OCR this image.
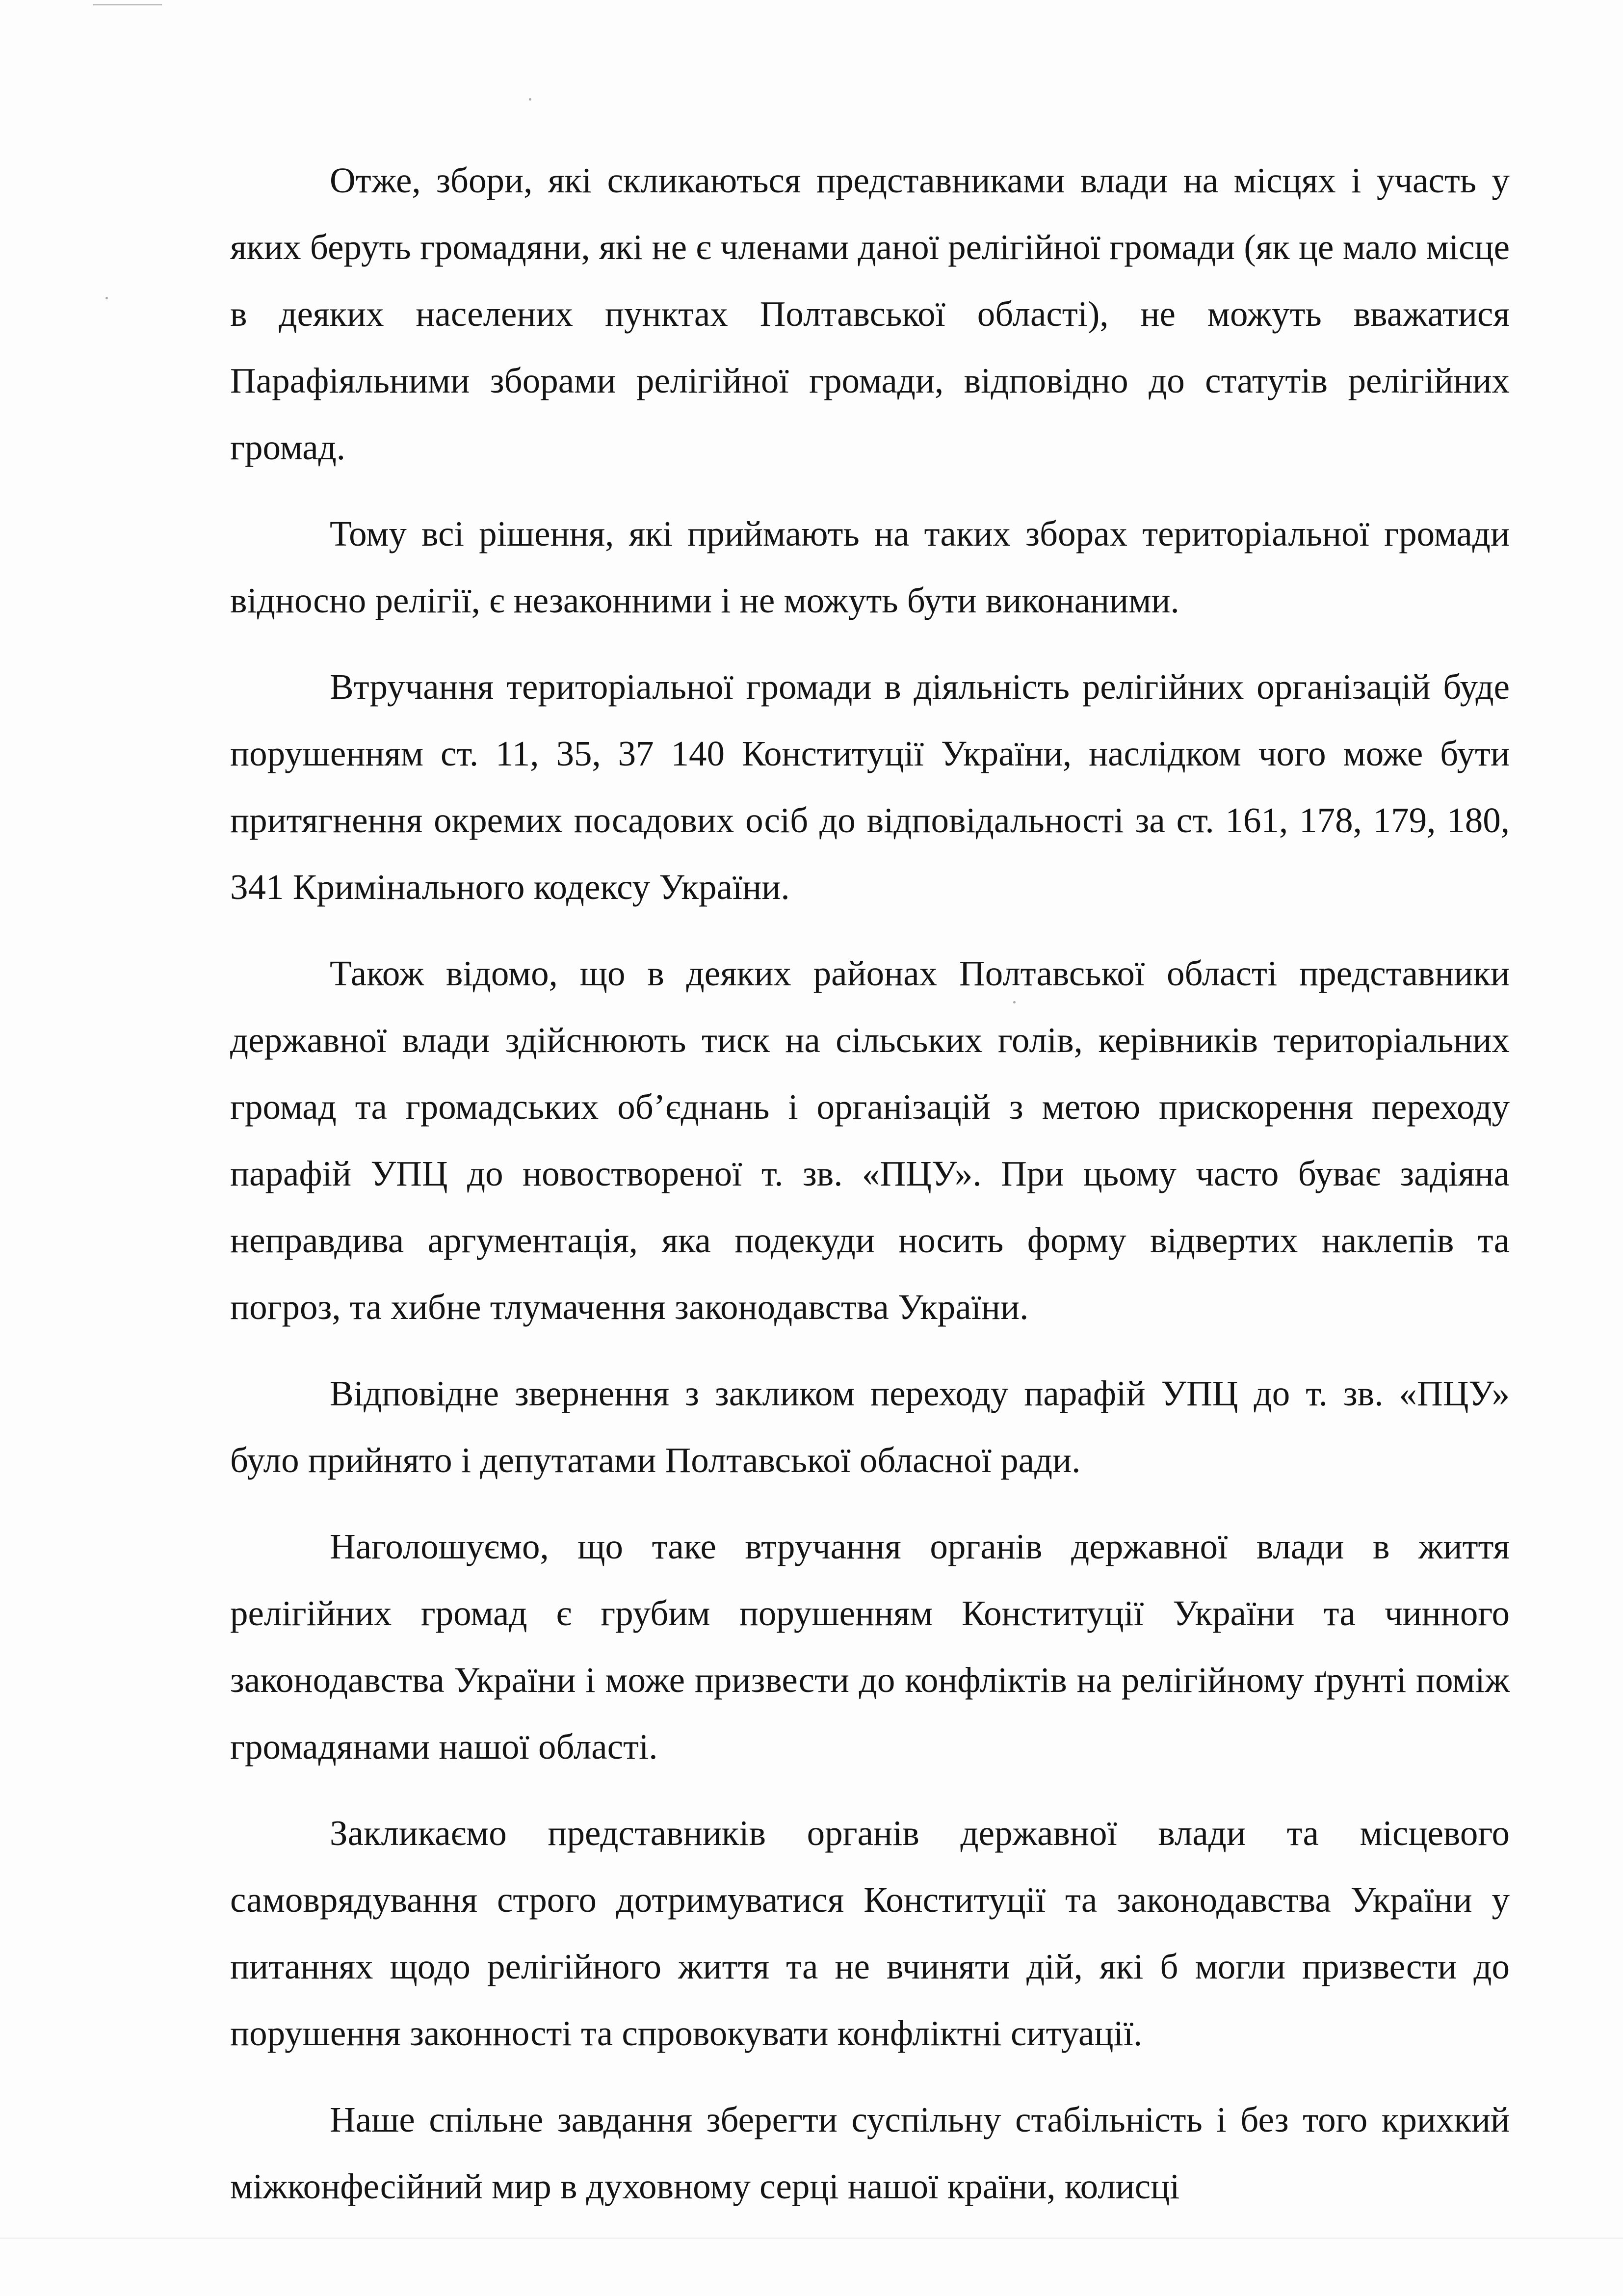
Отже, збори, які скликаються представниками влади на місцях і участь у яких беруть громадяни, які не є членами даної релігійної громади (як це мало місце в деяких населених пунктах Полтавської області), не можуть вважатися Парафіяльними зборами релігійної громади, відповідно до статутів релігійних громад.

Тому всі рішення, які приймають на таких зборах територіальної громади відносно релігії, є незаконними і не можуть бути виконаними.

Втручання територіальної громади в діяльність релігійних організацій буде порушенням ст. 11, 35, 37 140 Конституції України, наслідком чого може бути притягнення окремих посадових осіб до відповідальності за ст. 161, 178, 179, 180, 341 Кримінального кодексу України.

Також відомо, що в деяких районах Полтавської області представники державної влади здійснюють тиск на сільських голів, керівників територіальних громад та громадських об’єднань і організацій з метою прискорення переходу парафій УПЦ до новоствореної т. зв. «ПЦУ». При цьому часто буває задіяна неправдива аргументація, яка подекуди носить форму відвертих наклепів та погроз, та хибне тлумачення законодавства України.

Відповідне звернення з закликом переходу парафій УПЦ до т. зв. «ПЦУ» було прийнято і депутатами Полтавської обласної ради.

Наголошуємо, що таке втручання органів державної влади в життя релігійних громад є грубим порушенням Конституції України та чинного законодавства України і може призвести до конфліктів на релігійному ґрунті поміж громадянами нашої області.

Закликаємо представників органів державної влади та місцевого самоврядування строго дотримуватися Конституції та законодавства України у питаннях щодо релігійного життя та не вчиняти дій, які б могли призвести до порушення законності та спровокувати конфліктні ситуації.

Наше спільне завдання зберегти суспільну стабільність і без того крихкий міжконфесійний мир в духовному серці нашої країни, колисці
